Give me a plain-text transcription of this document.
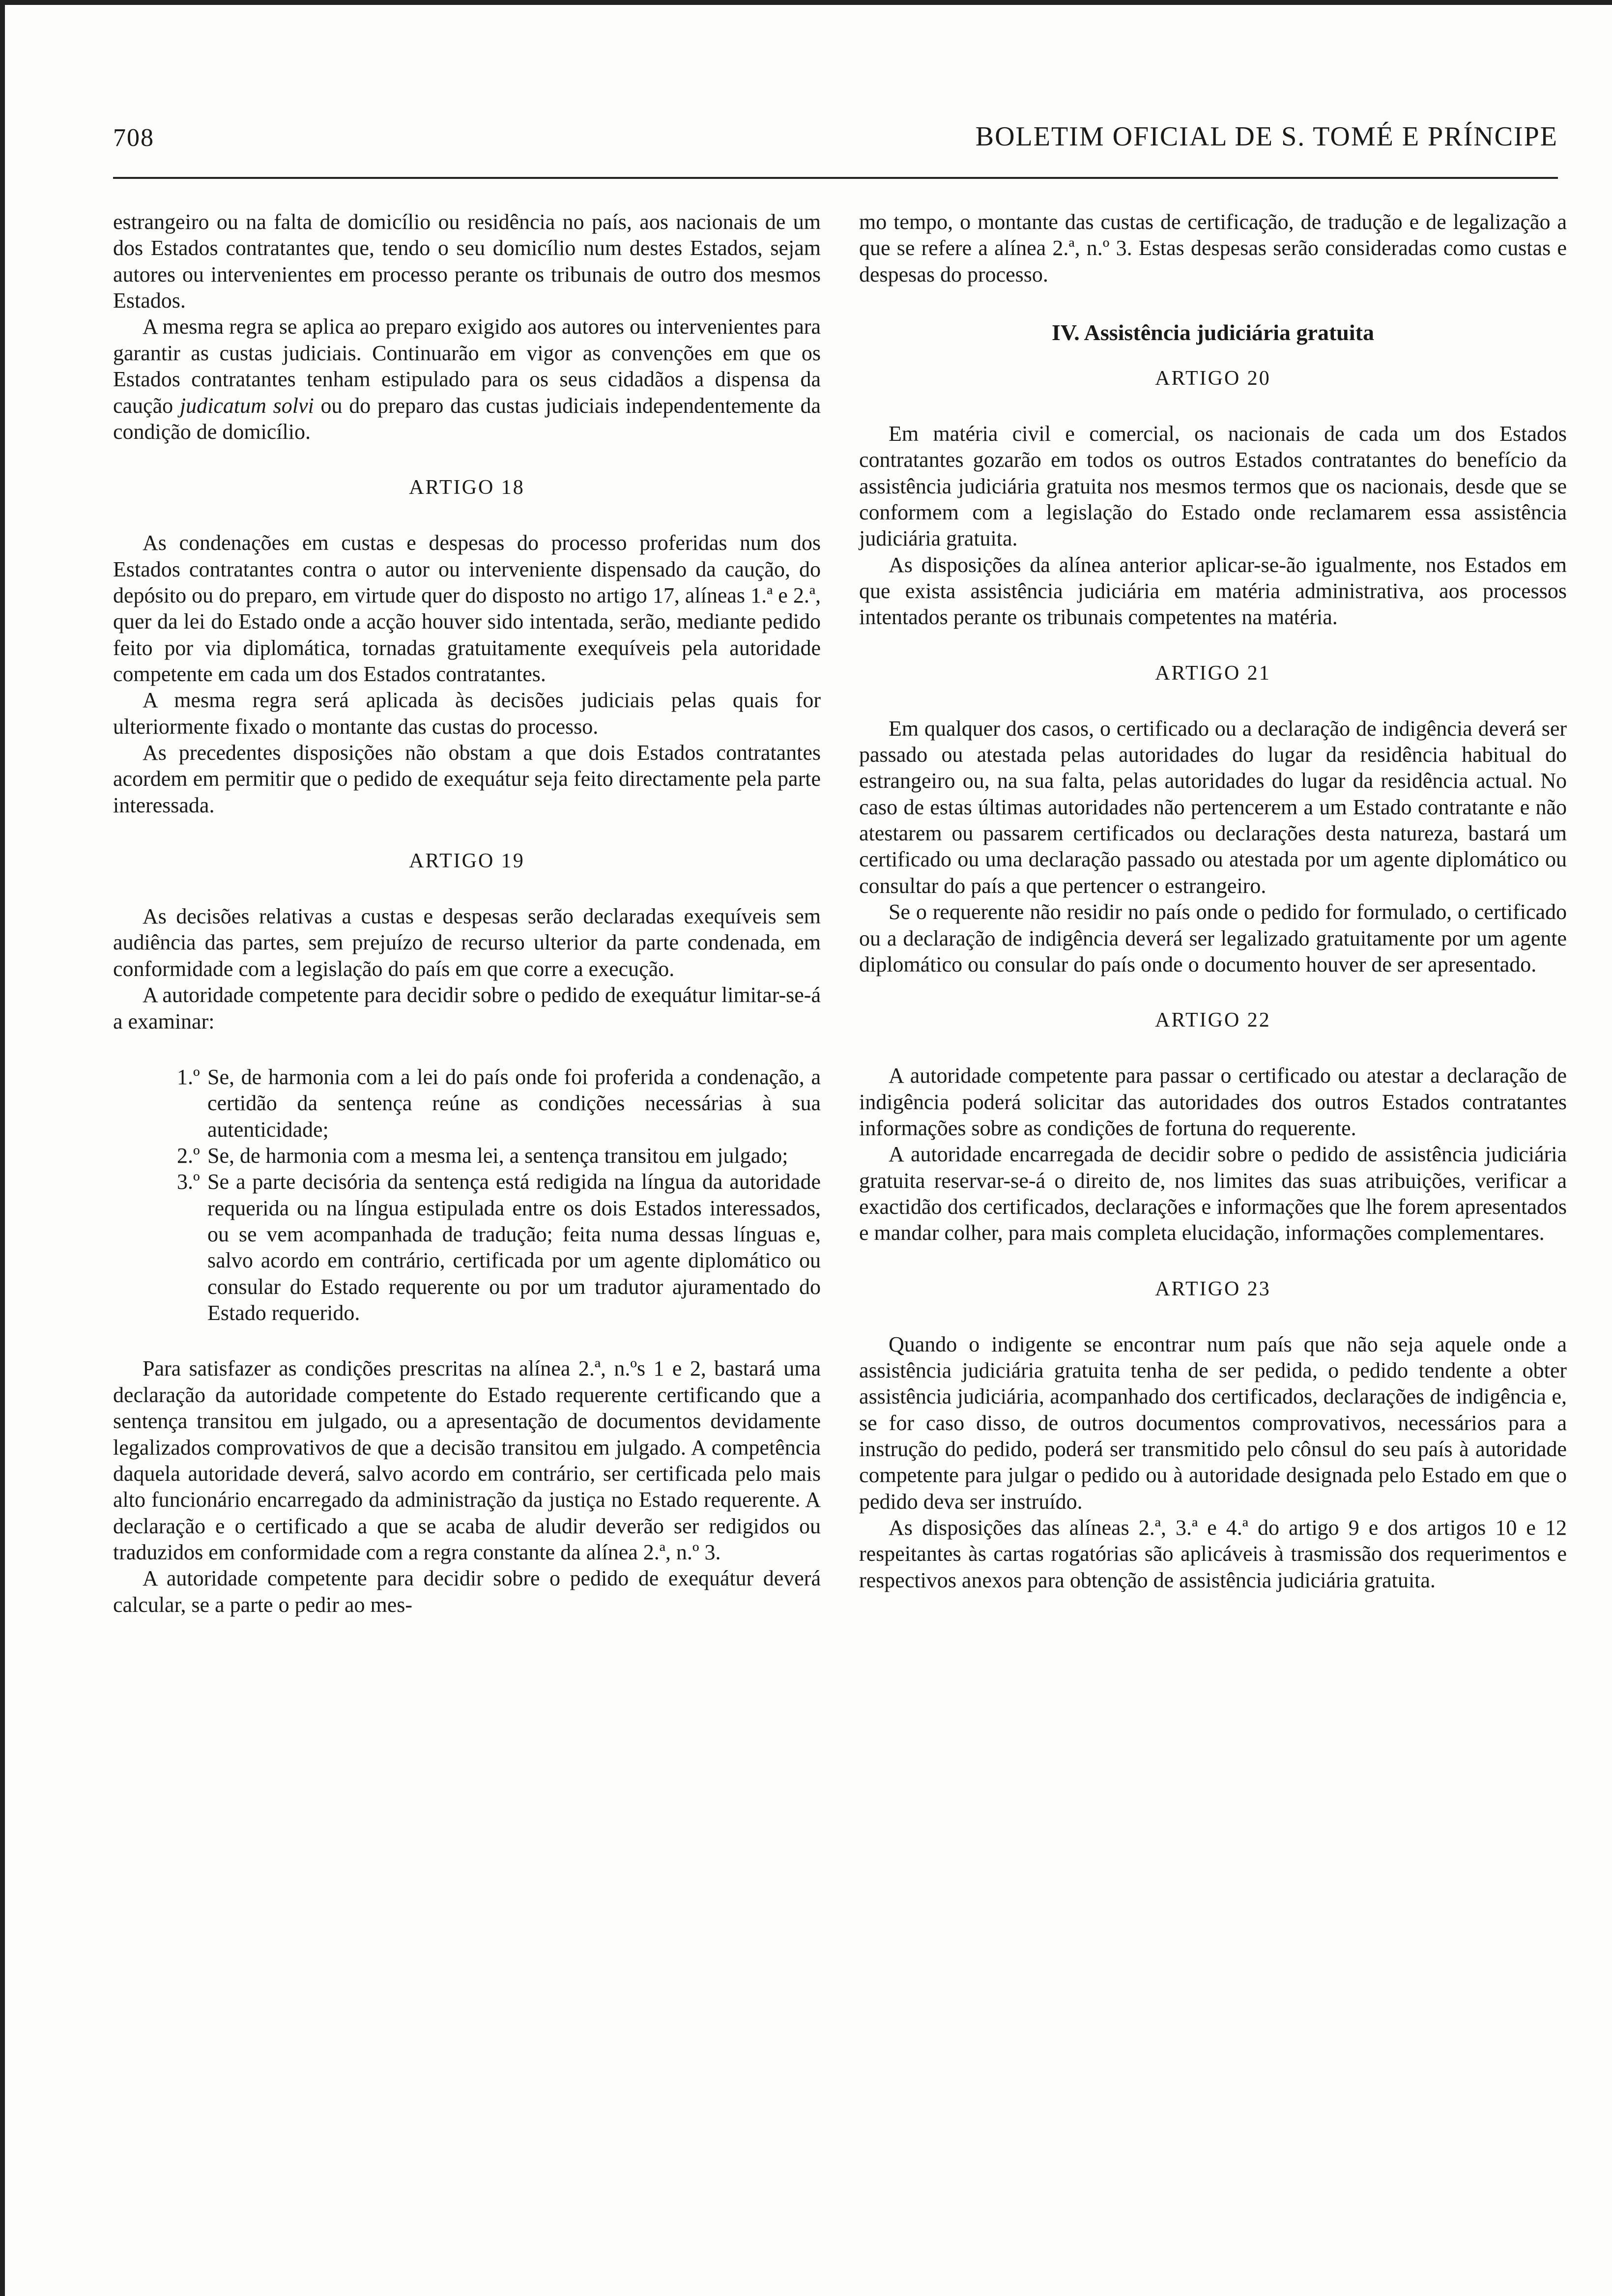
708	BOLETIM OFICIAL DE S. TOMÉ E PRÍNCIPE

estrangeiro ou na falta de domicílio ou residência no país, aos nacionais de um dos Estados contratantes que, tendo o seu domicílio num destes Estados, sejam autores ou intervenientes em processo perante os tribunais de outro dos mesmos Estados.

A mesma regra se aplica ao preparo exigido aos autores ou intervenientes para garantir as custas judiciais. Continuarão em vigor as convenções em que os Estados contratantes tenham estipulado para os seus cidadãos a dispensa da caução judicatum solvi ou do preparo das custas judiciais independentemente da condição de domicílio.

ARTIGO 18

As condenações em custas e despesas do processo proferidas num dos Estados contratantes contra o autor ou interveniente dispensado da caução, do depósito ou do preparo, em virtude quer do disposto no artigo 17, alíneas 1.ª e 2.ª, quer da lei do Estado onde a acção houver sido intentada, serão, mediante pedido feito por via diplomática, tornadas gratuitamente exequíveis pela autoridade competente em cada um dos Estados contratantes.

A mesma regra será aplicada às decisões judiciais pelas quais for ulteriormente fixado o montante das custas do processo.

As precedentes disposições não obstam a que dois Estados contratantes acordem em permitir que o pedido de exequátur seja feito directamente pela parte interessada.

ARTIGO 19

As decisões relativas a custas e despesas serão declaradas exequíveis sem audiência das partes, sem prejuízo de recurso ulterior da parte condenada, em conformidade com a legislação do país em que corre a execução.

A autoridade competente para decidir sobre o pedido de exequátur limitar-se-á a examinar:

1.º Se, de harmonia com a lei do país onde foi proferida a condenação, a certidão da sentença reúne as condições necessárias à sua autenticidade;
2.º Se, de harmonia com a mesma lei, a sentença transitou em julgado;
3.º Se a parte decisória da sentença está redigida na língua da autoridade requerida ou na língua estipulada entre os dois Estados interessados, ou se vem acompanhada de tradução; feita numa dessas línguas e, salvo acordo em contrário, certificada por um agente diplomático ou consular do Estado requerente ou por um tradutor ajuramentado do Estado requerido.

Para satisfazer as condições prescritas na alínea 2.ª, n.ºs 1 e 2, bastará uma declaração da autoridade competente do Estado requerente certificando que a sentença transitou em julgado, ou a apresentação de documentos devidamente legalizados comprovativos de que a decisão transitou em julgado. A competência daquela autoridade deverá, salvo acordo em contrário, ser certificada pelo mais alto funcionário encarregado da administração da justiça no Estado requerente. A declaração e o certificado a que se acaba de aludir deverão ser redigidos ou traduzidos em conformidade com a regra constante da alínea 2.ª, n.º 3.

A autoridade competente para decidir sobre o pedido de exequátur deverá calcular, se a parte o pedir ao mes-

mo tempo, o montante das custas de certificação, de tradução e de legalização a que se refere a alínea 2.ª, n.º 3. Estas despesas serão consideradas como custas e despesas do processo.

IV. Assistência judiciária gratuita
ARTIGO 20

Em matéria civil e comercial, os nacionais de cada um dos Estados contratantes gozarão em todos os outros Estados contratantes do benefício da assistência judiciária gratuita nos mesmos termos que os nacionais, desde que se conformem com a legislação do Estado onde reclamarem essa assistência judiciária gratuita.

As disposições da alínea anterior aplicar-se-ão igualmente, nos Estados em que exista assistência judiciária em matéria administrativa, aos processos intentados perante os tribunais competentes na matéria.

ARTIGO 21

Em qualquer dos casos, o certificado ou a declaração de indigência deverá ser passado ou atestada pelas autoridades do lugar da residência habitual do estrangeiro ou, na sua falta, pelas autoridades do lugar da residência actual. No caso de estas últimas autoridades não pertencerem a um Estado contratante e não atestarem ou passarem certificados ou declarações desta natureza, bastará um certificado ou uma declaração passado ou atestada por um agente diplomático ou consultar do país a que pertencer o estrangeiro.

Se o requerente não residir no país onde o pedido for formulado, o certificado ou a declaração de indigência deverá ser legalizado gratuitamente por um agente diplomático ou consular do país onde o documento houver de ser apresentado.

ARTIGO 22

A autoridade competente para passar o certificado ou atestar a declaração de indigência poderá solicitar das autoridades dos outros Estados contratantes informações sobre as condições de fortuna do requerente.

A autoridade encarregada de decidir sobre o pedido de assistência judiciária gratuita reservar-se-á o direito de, nos limites das suas atribuições, verificar a exactidão dos certificados, declarações e informações que lhe forem apresentados e mandar colher, para mais completa elucidação, informações complementares.

ARTIGO 23

Quando o indigente se encontrar num país que não seja aquele onde a assistência judiciária gratuita tenha de ser pedida, o pedido tendente a obter assistência judiciária, acompanhado dos certificados, declarações de indigência e, se for caso disso, de outros documentos comprovativos, necessários para a instrução do pedido, poderá ser transmitido pelo cônsul do seu país à autoridade competente para julgar o pedido ou à autoridade designada pelo Estado em que o pedido deva ser instruído.

As disposições das alíneas 2.ª, 3.ª e 4.ª do artigo 9 e dos artigos 10 e 12 respeitantes às cartas rogatórias são aplicáveis à trasmissão dos requerimentos e respectivos anexos para obtenção de assistência judiciária gratuita.
